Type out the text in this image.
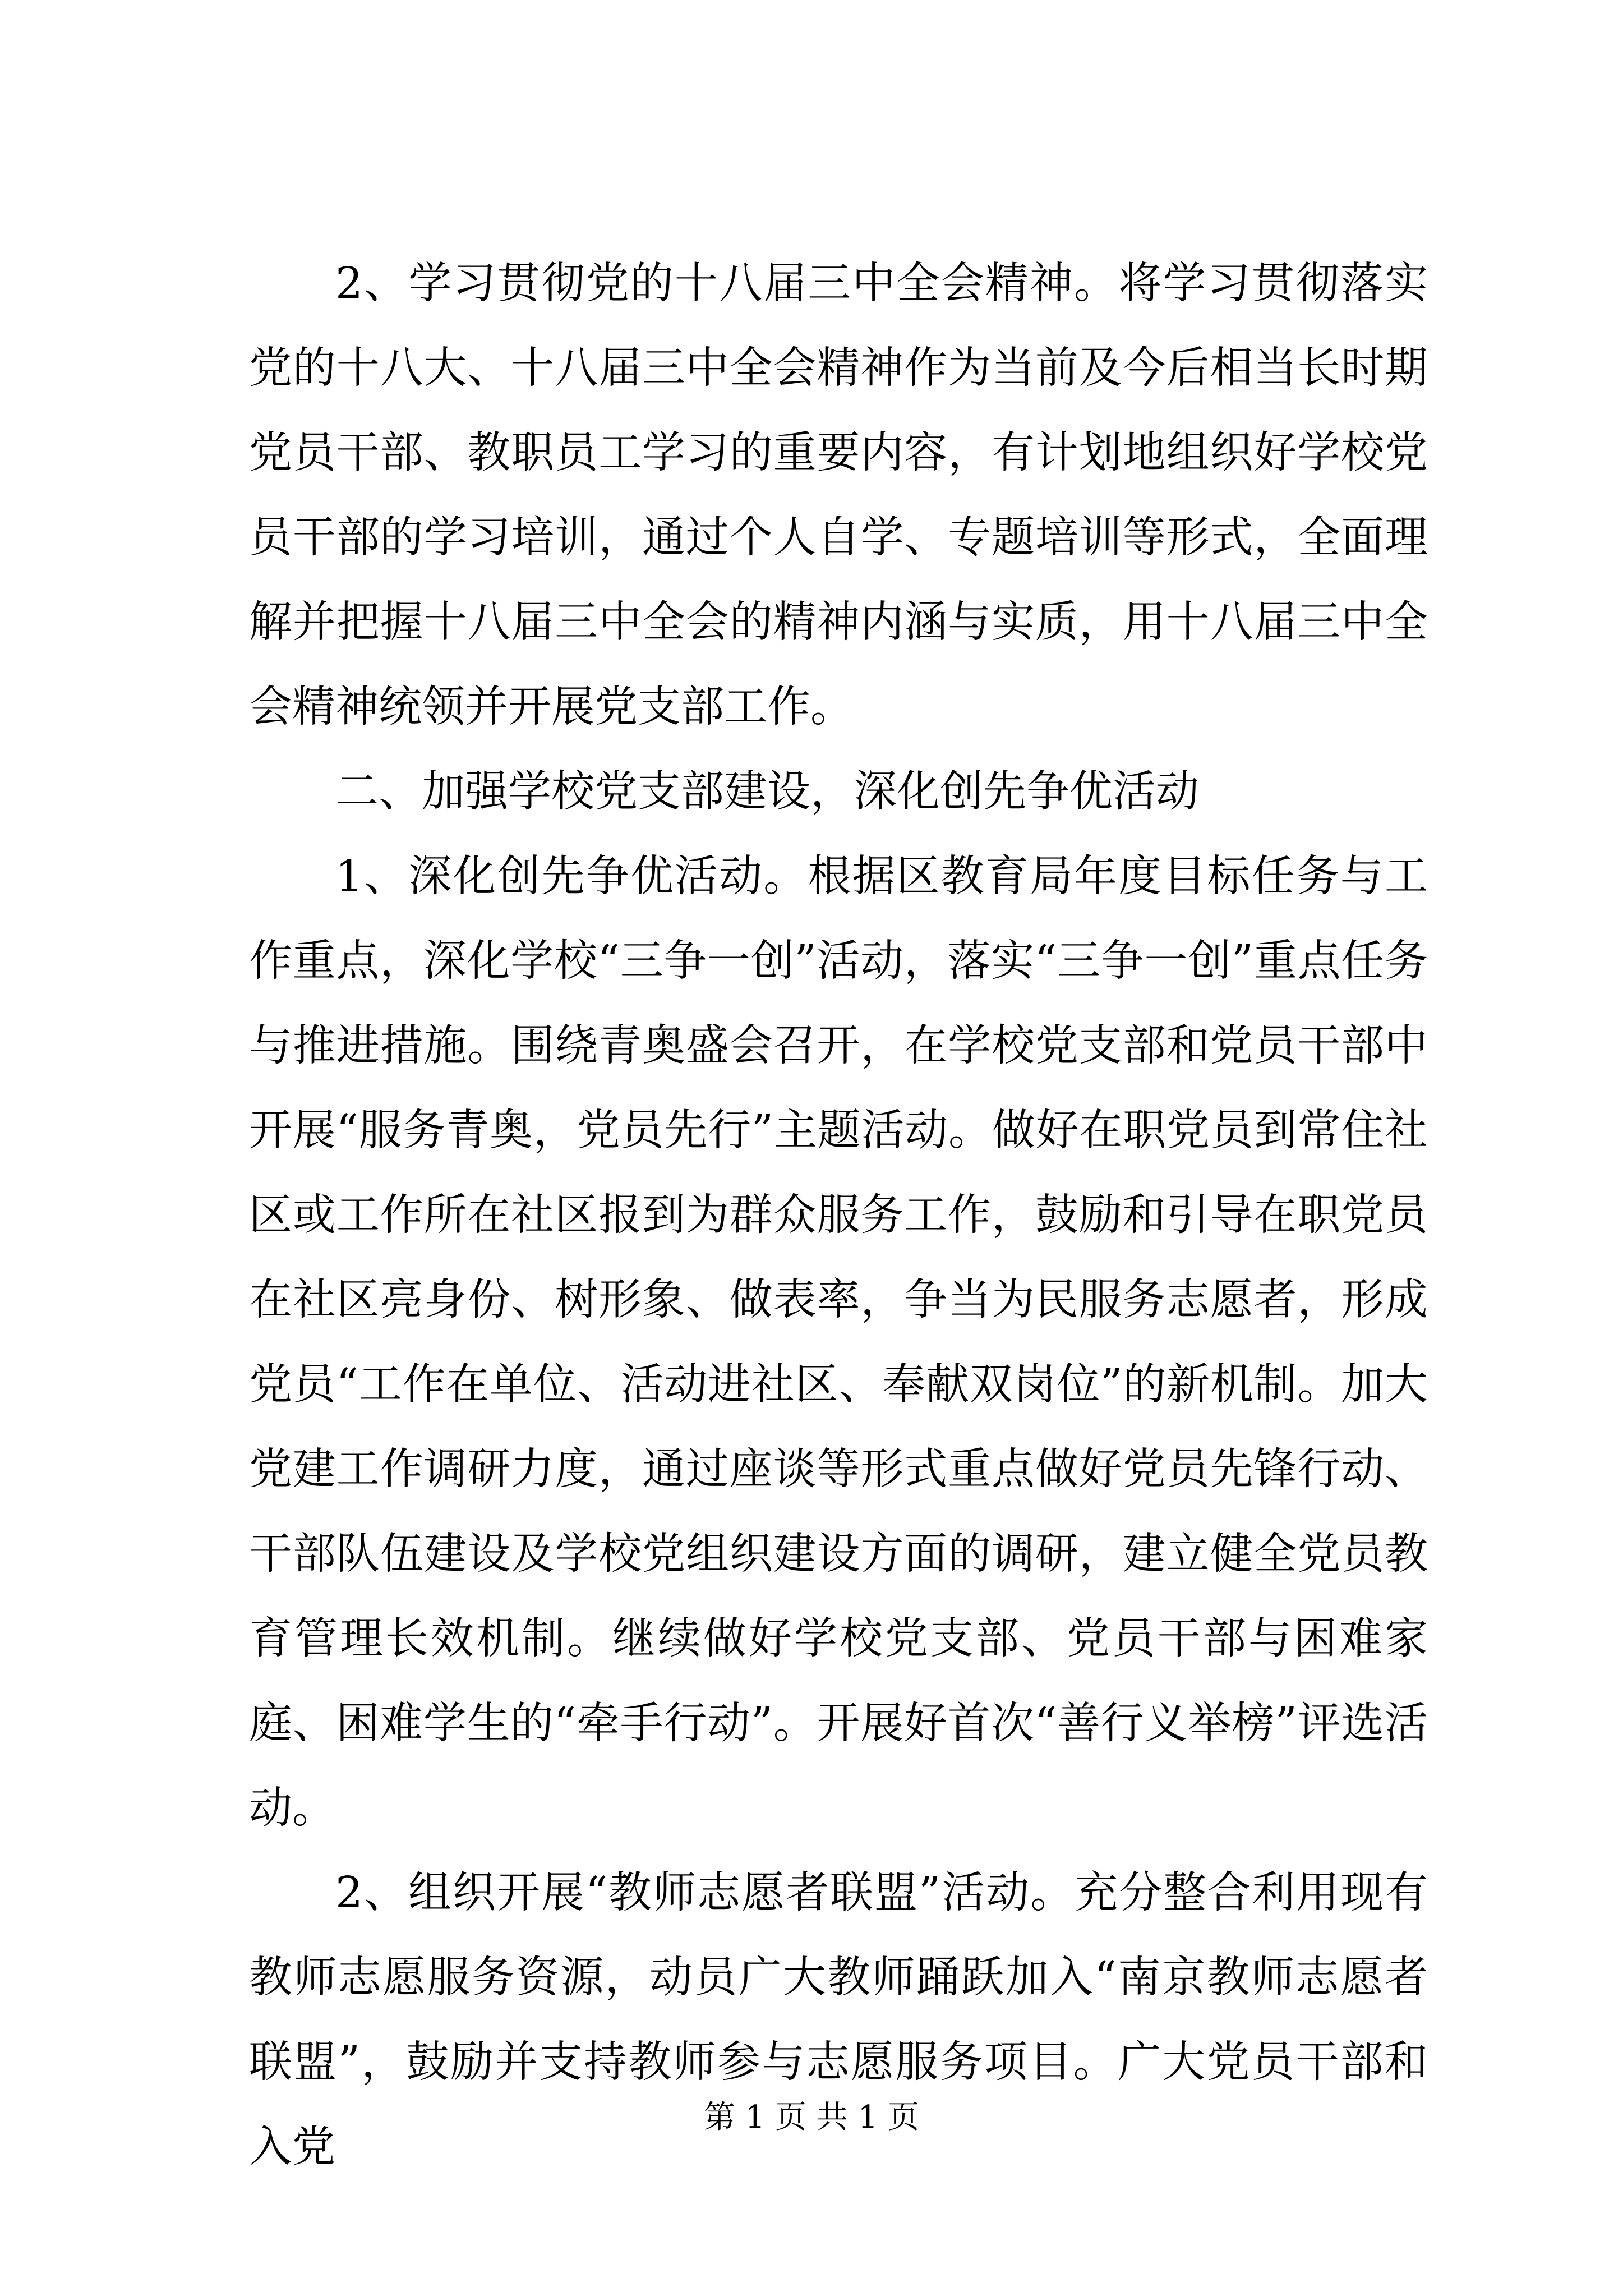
2、学习贯彻党的十八届三中全会精神。将学习贯彻落实党的十八大、十八届三中全会精神作为当前及今后相当长时期党员干部、教职员工学习的重要内容，有计划地组织好学校党员干部的学习培训，通过个人自学、专题培训等形式，全面理解并把握十八届三中全会的精神内涵与实质，用十八届三中全会精神统领并开展党支部工作。

二、加强学校党支部建设，深化创先争优活动

1、深化创先争优活动。根据区教育局年度目标任务与工作重点，深化学校“三争一创”活动，落实“三争一创”重点任务与推进措施。围绕青奥盛会召开，在学校党支部和党员干部中开展“服务青奥，党员先行”主题活动。做好在职党员到常住社区或工作所在社区报到为群众服务工作，鼓励和引导在职党员在社区亮身份、树形象、做表率，争当为民服务志愿者，形成党员“工作在单位、活动进社区、奉献双岗位”的新机制。加大党建工作调研力度，通过座谈等形式重点做好党员先锋行动、干部队伍建设及学校党组织建设方面的调研，建立健全党员教育管理长效机制。继续做好学校党支部、党员干部与困难家庭、困难学生的“牵手行动”。开展好首次“善行义举榜”评选活动。

2、组织开展“教师志愿者联盟”活动。充分整合利用现有教师志愿服务资源，动员广大教师踊跃加入“南京教师志愿者联盟”，鼓励并支持教师参与志愿服务项目。广大党员干部和入党

第 1 页 共 1 页
